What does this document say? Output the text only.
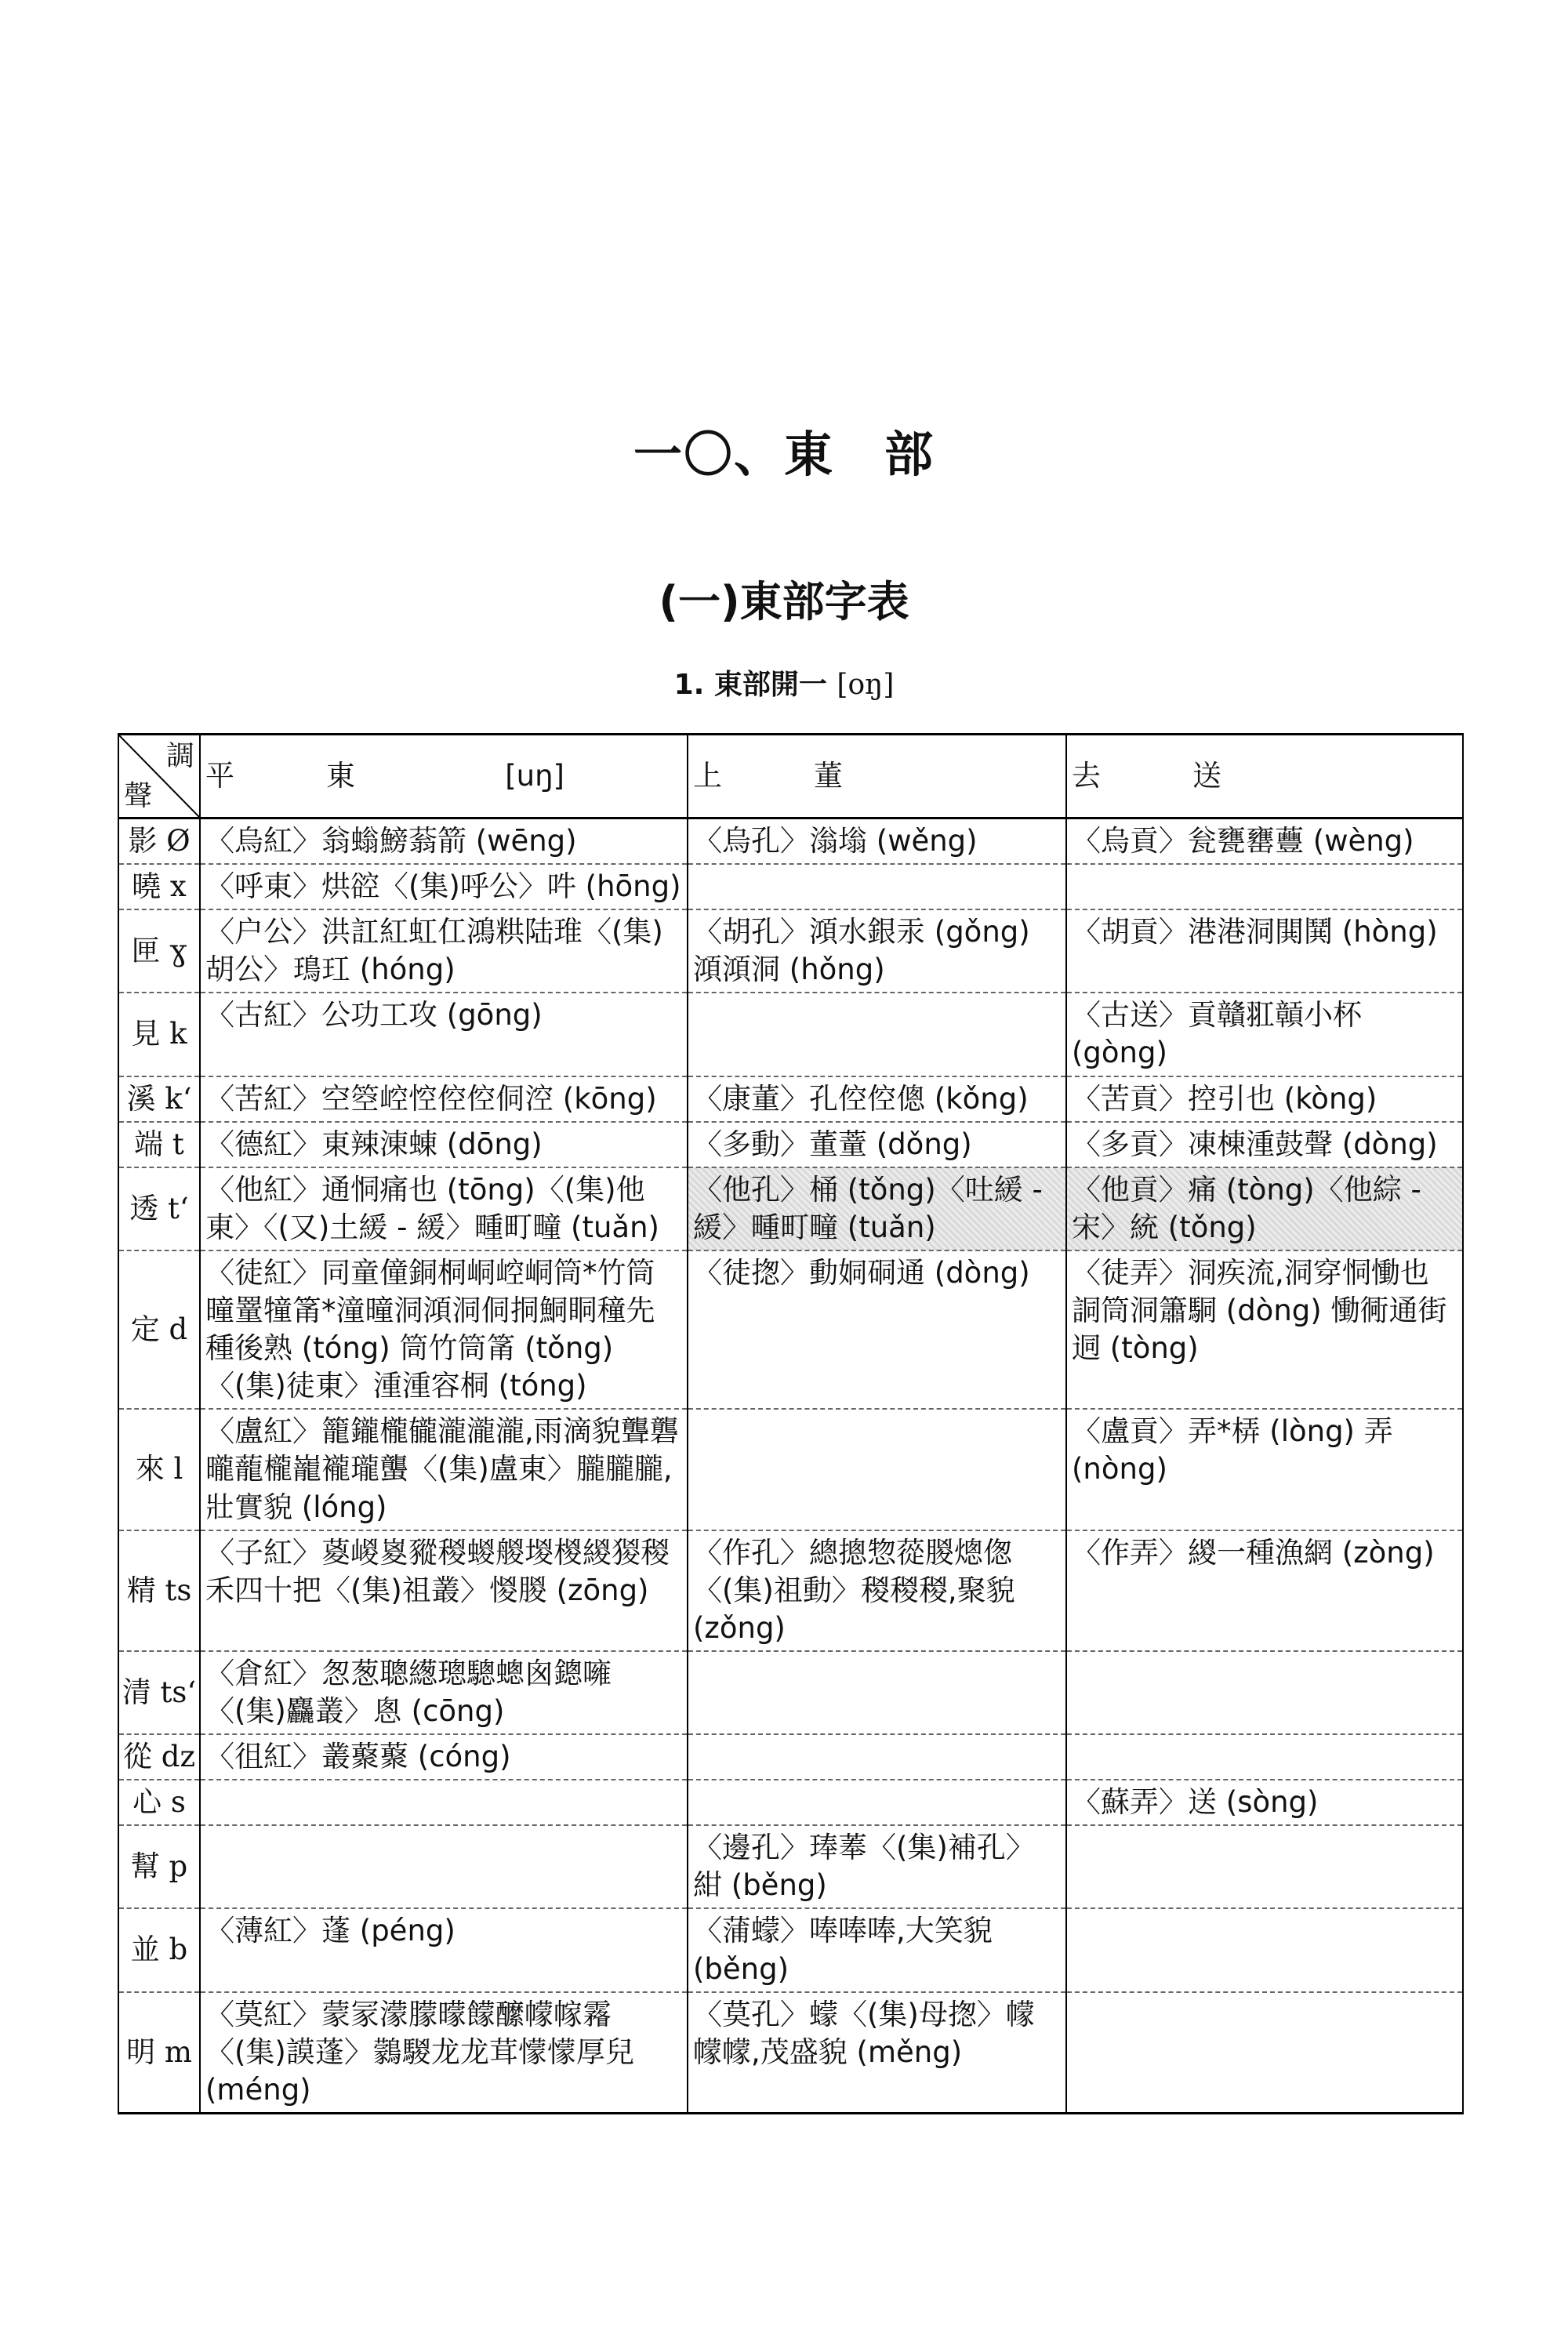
一〇、東　部
(一)東部字表
1. 東部開一 [oŋ]
調
聲	平　東 [uŋ]	上　董	去　送
影 Ø	〈烏紅〉翁螉鰟蓊箭 (wēng)	〈烏孔〉滃塕 (wěng)	〈烏貢〉瓮甕罋蘴 (wèng)
曉 x	〈呼東〉烘谾〈(集)呼公〉吽 (hōng)		
匣 ɣ	〈户公〉洪訌紅虹仜鴻粠陆琟〈(集)胡公〉鳿玒 (hóng)	〈胡孔〉澒水銀汞 (gǒng) 澒澒洞 (hǒng)	〈胡貢〉港港洞閧鬨 (hòng)
見 k	〈古紅〉公功工攻 (gōng)		〈古送〉貢贛羾贑小杯 (gòng)
溪 k‘	〈苦紅〉空箜崆悾倥倥侗涳 (kōng)	〈康董〉孔倥倥傯 (kǒng)	〈苦貢〉控引也 (kòng)
端 t	〈德紅〉東辣涷蝀 (dōng)	〈多動〉董蕫 (dǒng)	〈多貢〉凍棟湩鼓聲 (dòng)
透 t‘	〈他紅〉通恫痛也 (tōng)〈(集)他東〉〈(又)土緩 - 緩〉畽町疃 (tuǎn)	〈他孔〉桶 (tǒng)〈吐緩 - 緩〉畽町疃 (tuǎn)	〈他貢〉痛 (tòng)〈他綜 - 宋〉統 (tǒng)
定 d	〈徒紅〉同童僮銅桐峒崆峒筒*竹筒曈罿犝筩*潼曈洞澒洞侗挏鮦眮穜先種後熟 (tóng) 筒竹筒筩 (tǒng)〈(集)徒東〉湩湩容桐 (tóng)	〈徒揔〉動姛硐通 (dòng)	〈徒弄〉洞疾流,洞穿恫慟也詷筒洞簫駧 (dòng) 慟衕通街迵 (tòng)
來 l	〈盧紅〉籠鑨櫳龓瀧瀧瀧,雨滴貌聾礱曨蘢櫳巃襱瓏蠪〈(集)盧東〉朧朧朧,壯實貌 (lóng)		〈盧貢〉弄*梇 (lòng) 弄 (nòng)
精 ts	〈子紅〉葼嵕嵏豵稯蝬艐堫椶緵猣稯禾四十把〈(集)祖叢〉惾朡 (zōng)	〈作孔〉總摠惣蓯朡熜偬〈(集)祖動〉稯稯稯,聚貌 (zǒng)	〈作弄〉緵一種漁網 (zòng)
清 ts‘	〈倉紅〉怱葱聰繱璁驄蟌囪鏓噰〈(集)麤叢〉悤 (cōng)		
從 dz	〈徂紅〉叢藂藂 (cóng)		
心 s			〈蘇弄〉送 (sòng)
幫 p		〈邊孔〉琫菶〈(集)補孔〉紺 (běng)	
並 b	〈薄紅〉蓬 (péng)	〈蒲蠓〉唪唪唪,大笑貌 (běng)	
明 m	〈莫紅〉蒙冡濛朦曚饛醿幪幏霿〈(集)謨蓬〉鸏騣龙龙茸懞懞厚兒 (méng)	〈莫孔〉蠓〈(集)母揔〉幪幪幪,茂盛貌 (měng)	
